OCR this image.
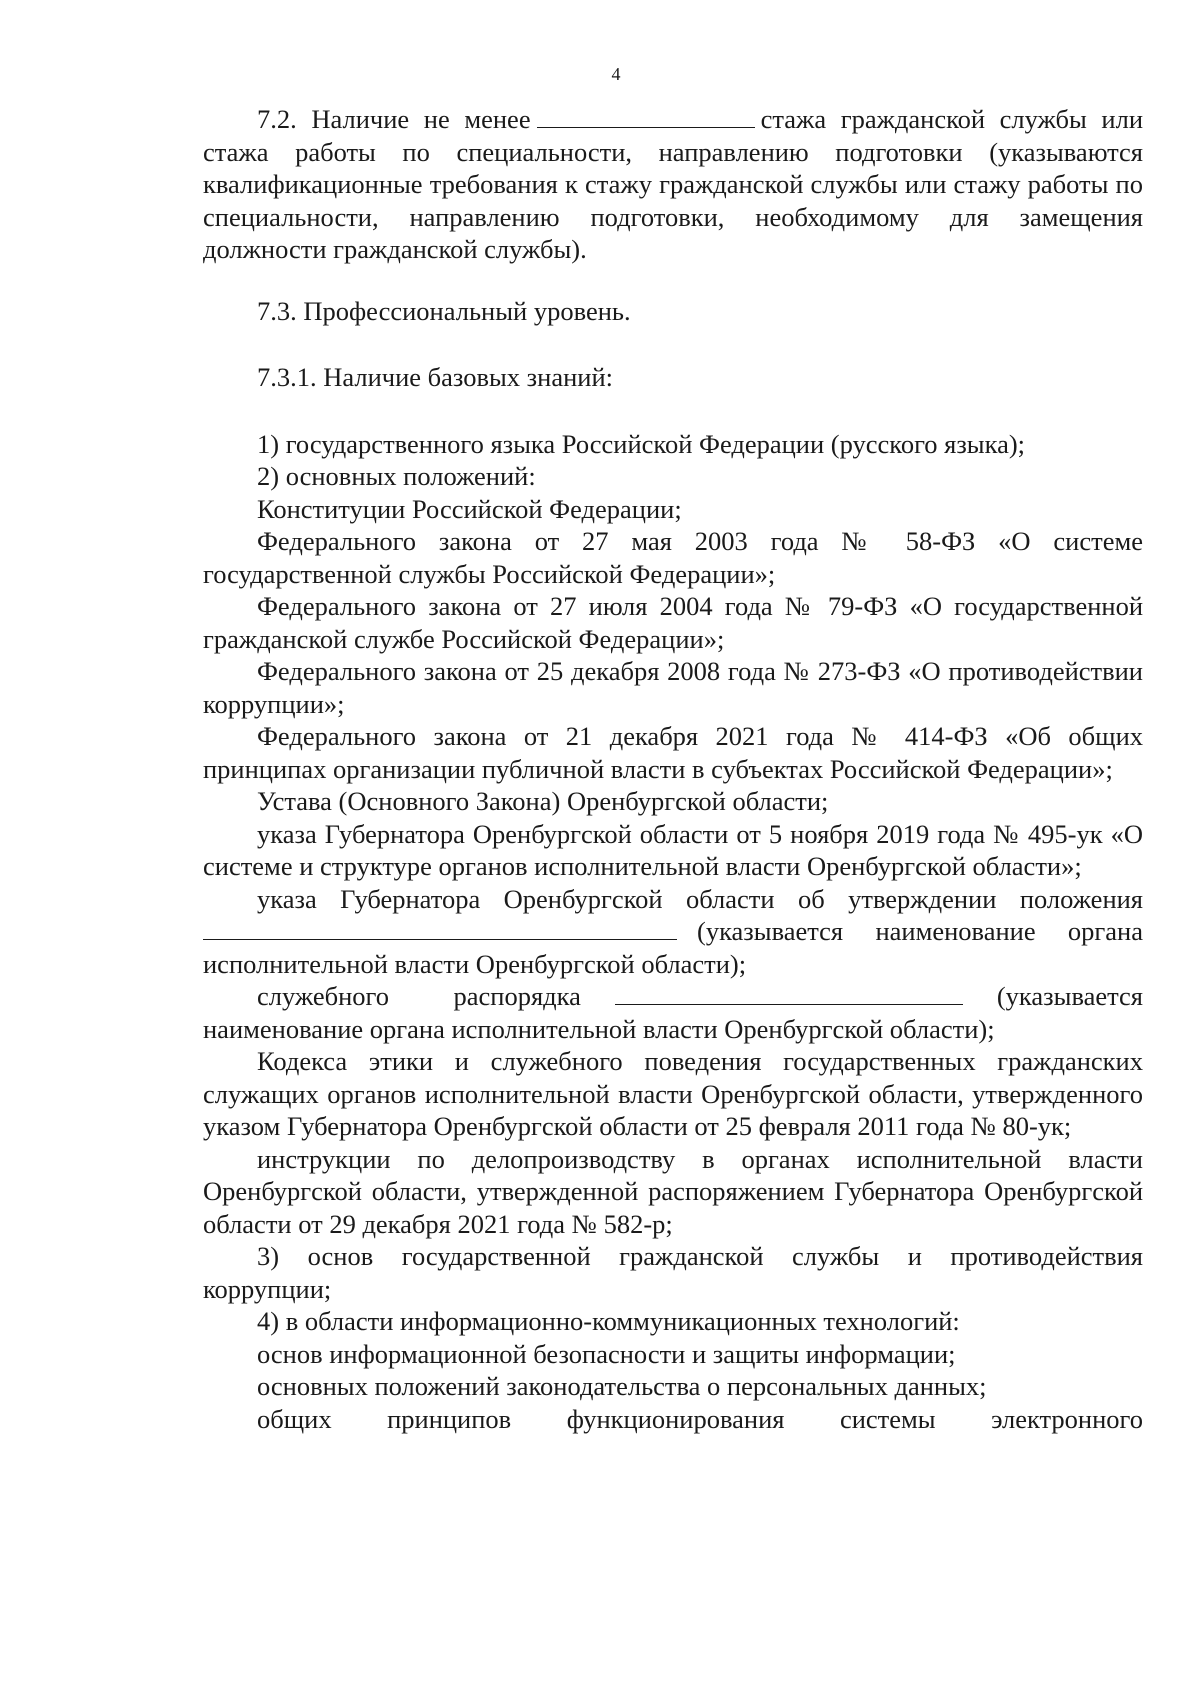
4

7.2. Наличие не менее	стажа гражданской службы или стажа работы по специальности, направлению подготовки (указываются квалификационные требования к стажу гражданской службы или стажу работы по специальности, направлению подготовки, необходимому для замещения должности гражданской службы).

7.3. Профессиональный уровень.

7.3.1. Наличие базовых знаний:

1) государственного языка Российской Федерации (русского языка);

2) основных положений:

Конституции Российской Федерации;

Федерального закона от 27 мая 2003 года № 58-ФЗ «О системе государственной службы Российской Федерации»;

Федерального закона от 27 июля 2004 года № 79-ФЗ «О государственной гражданской службе Российской Федерации»;

Федерального закона от 25 декабря 2008 года № 273-ФЗ «О противодействии коррупции»;

Федерального закона от 21 декабря 2021 года № 414-ФЗ «Об общих принципах организации публичной власти в субъектах Российской Федерации»;

Устава (Основного Закона) Оренбургской области;

указа Губернатора Оренбургской области от 5 ноября 2019 года № 495-ук «О системе и структуре органов исполнительной власти Оренбургской области»;

указа Губернатора Оренбургской области об утверждении положения

(указывается наименование органа исполнительной власти Оренбургской области);

служебного распорядка	(указывается наименование органа исполнительной власти Оренбургской области);

Кодекса этики и служебного поведения государственных гражданских служащих органов исполнительной власти Оренбургской области, утвержденного указом Губернатора Оренбургской области от 25 февраля 2011 года № 80-ук;

инструкции по делопроизводству в органах исполнительной власти Оренбургской области, утвержденной распоряжением Губернатора Оренбургской области от 29 декабря 2021 года № 582-р;

3) основ государственной гражданской службы и противодействия коррупции;

4) в области информационно-коммуникационных технологий:

основ информационной безопасности и защиты информации;

основных положений законодательства о персональных данных;

общих принципов функционирования системы электронного
